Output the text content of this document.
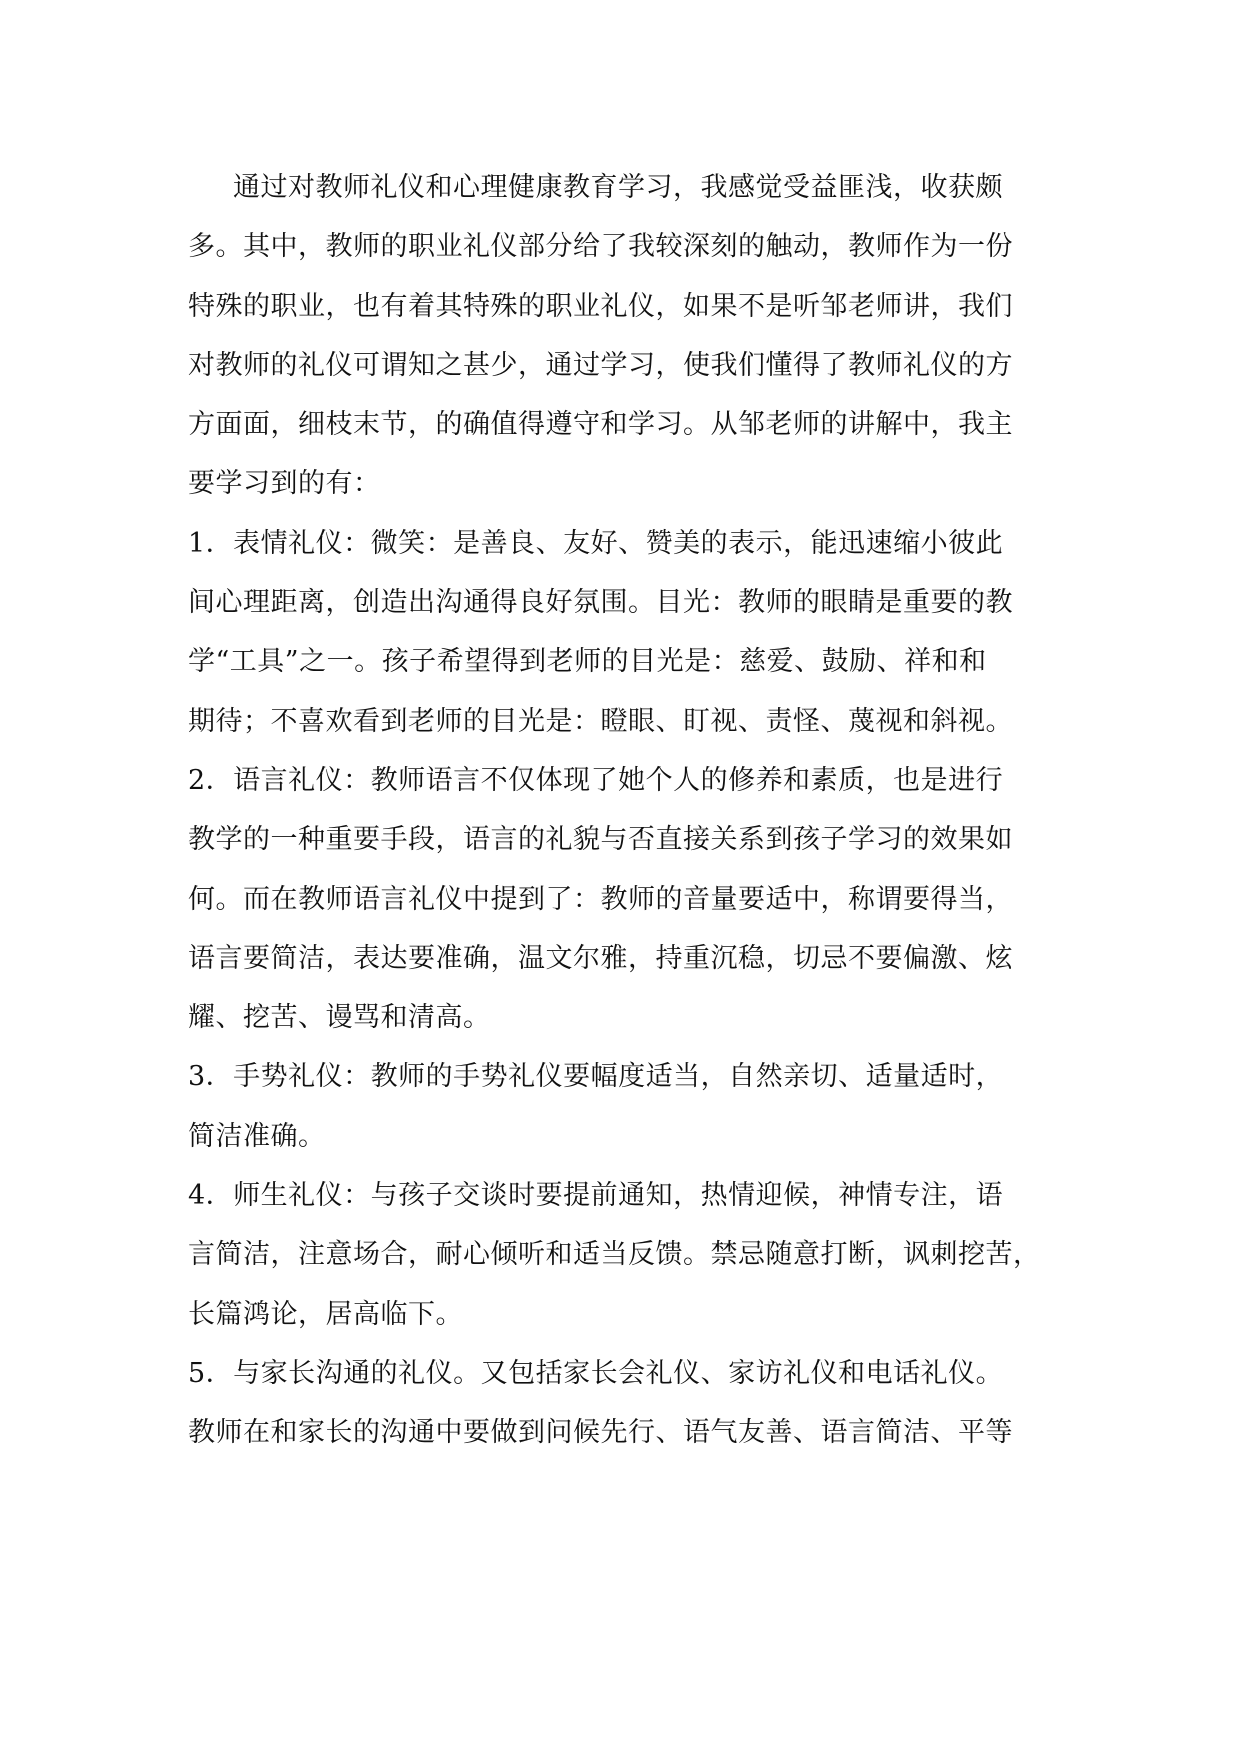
通过对教师礼仪和心理健康教育学习，我感觉受益匪浅，收获颇
多。其中，教师的职业礼仪部分给了我较深刻的触动，教师作为一份
特殊的职业，也有着其特殊的职业礼仪，如果不是听邹老师讲，我们
对教师的礼仪可谓知之甚少，通过学习，使我们懂得了教师礼仪的方
方面面，细枝末节，的确值得遵守和学习。从邹老师的讲解中，我主
要学习到的有：
1．表情礼仪：微笑：是善良、友好、赞美的表示，能迅速缩小彼此
间心理距离，创造出沟通得良好氛围。目光：教师的眼睛是重要的教
学“工具”之一。孩子希望得到老师的目光是：慈爱、鼓励、祥和和
期待；不喜欢看到老师的目光是：瞪眼、盯视、责怪、蔑视和斜视。
2．语言礼仪：教师语言不仅体现了她个人的修养和素质，也是进行
教学的一种重要手段，语言的礼貌与否直接关系到孩子学习的效果如
何。而在教师语言礼仪中提到了：教师的音量要适中，称谓要得当，
语言要简洁，表达要准确，温文尔雅，持重沉稳，切忌不要偏激、炫
耀、挖苦、谩骂和清高。
3．手势礼仪：教师的手势礼仪要幅度适当，自然亲切、适量适时，
简洁准确。
4．师生礼仪：与孩子交谈时要提前通知，热情迎候，神情专注，语
言简洁，注意场合，耐心倾听和适当反馈。禁忌随意打断，讽刺挖苦，
长篇鸿论，居高临下。
5．与家长沟通的礼仪。又包括家长会礼仪、家访礼仪和电话礼仪。
教师在和家长的沟通中要做到问候先行、语气友善、语言简洁、平等
